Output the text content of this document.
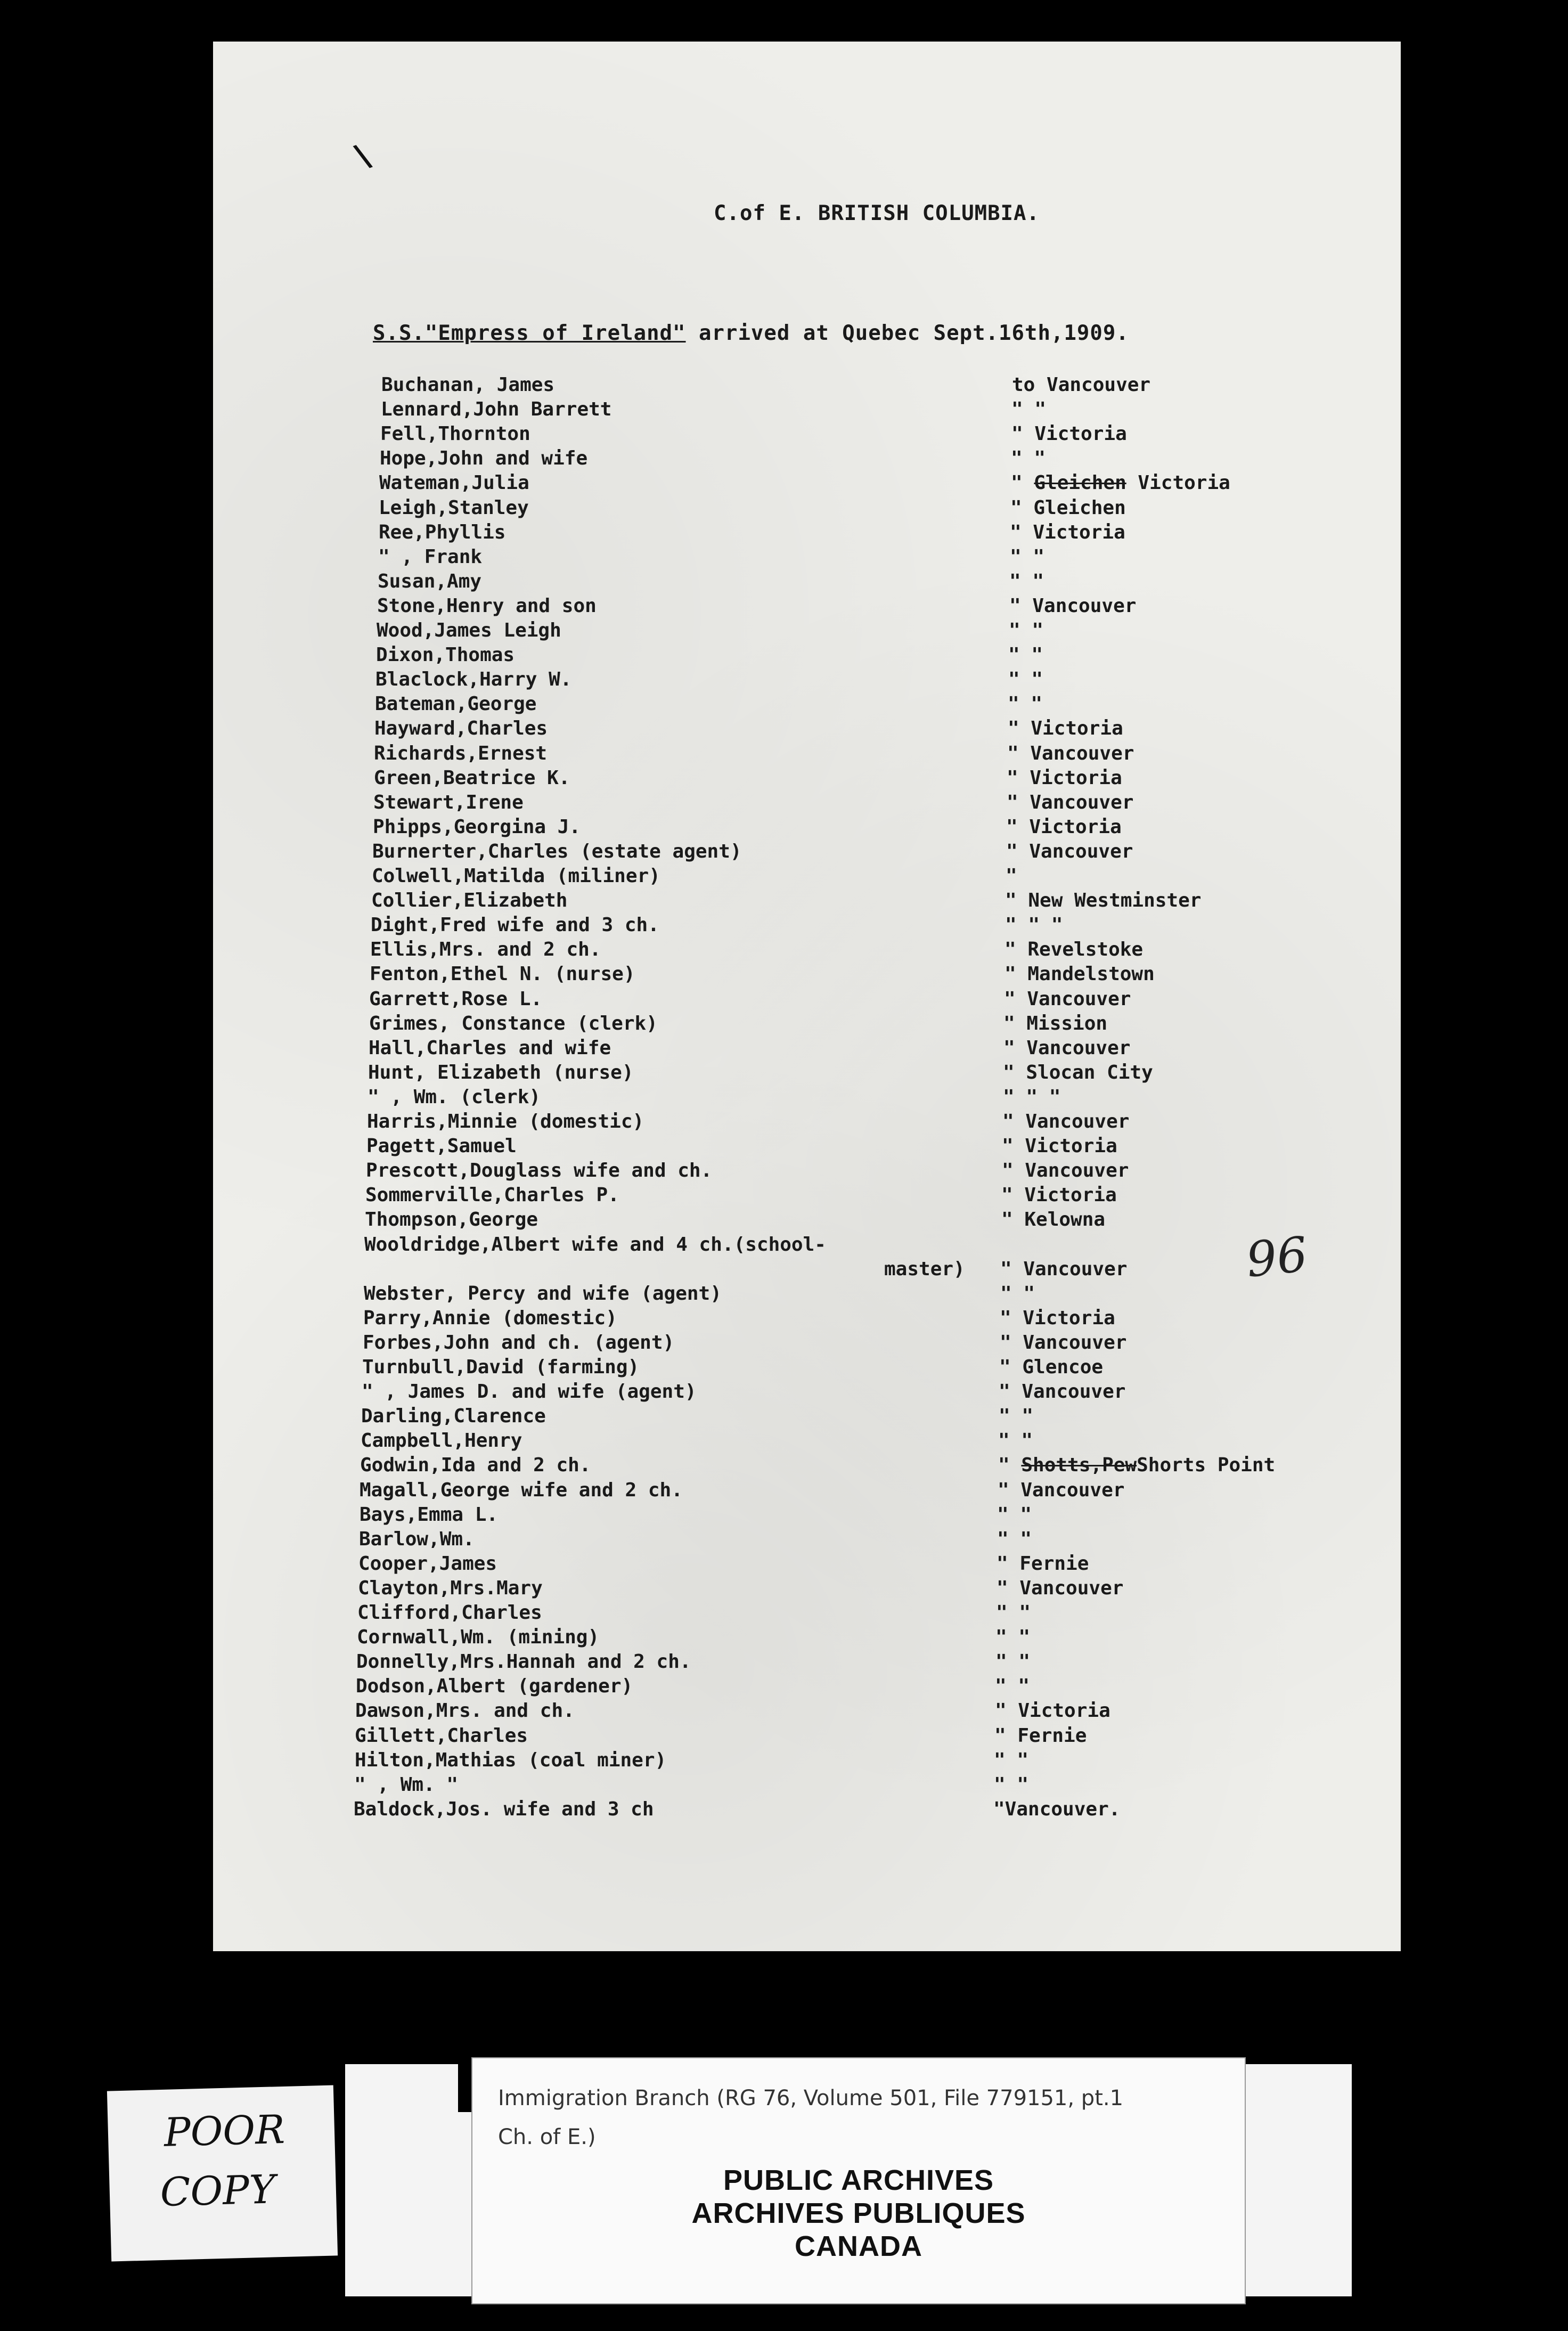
\
C.of E. BRITISH COLUMBIA.
S.S."Empress of Ireland" arrived at Quebec Sept.16th,1909.
Buchanan, James	to Vancouver
Lennard,John Barrett	" "
Fell,Thornton	" Victoria
Hope,John and wife	" "
Wateman,Julia	" Gleichen Victoria
Leigh,Stanley	" Gleichen
Ree,Phyllis	" Victoria
" , Frank	" "
Susan,Amy	" "
Stone,Henry and son	" Vancouver
Wood,James Leigh	" "
Dixon,Thomas	" "
Blaclock,Harry W.	" "
Bateman,George	" "
Hayward,Charles	" Victoria
Richards,Ernest	" Vancouver
Green,Beatrice K.	" Victoria
Stewart,Irene	" Vancouver
Phipps,Georgina J.	" Victoria
Burnerter,Charles (estate agent)	" Vancouver
Colwell,Matilda (miliner)	"
Collier,Elizabeth	" New Westminster
Dight,Fred wife and 3 ch.	" " "
Ellis,Mrs. and 2 ch.	" Revelstoke
Fenton,Ethel N. (nurse)	" Mandelstown
Garrett,Rose L.	" Vancouver
Grimes, Constance (clerk)	" Mission
Hall,Charles and wife	" Vancouver
Hunt, Elizabeth (nurse)	" Slocan City
" , Wm. (clerk)	" " "
Harris,Minnie (domestic)	" Vancouver
Pagett,Samuel	" Victoria
Prescott,Douglass wife and ch.	" Vancouver
Sommerville,Charles P.	" Victoria
Thompson,George	" Kelowna
Wooldridge,Albert wife and 4 ch.(school-
master) " Vancouver
Webster, Percy and wife (agent)	" "
Parry,Annie (domestic)	" Victoria
Forbes,John and ch. (agent)	" Vancouver
Turnbull,David (farming)	" Glencoe
" , James D. and wife (agent)	" Vancouver
Darling,Clarence	" "
Campbell,Henry	" "
Godwin,Ida and 2 ch.	" Shotts,PewShorts Point
Magall,George wife and 2 ch.	" Vancouver
Bays,Emma L.	" "
Barlow,Wm.	" "
Cooper,James	" Fernie
Clayton,Mrs.Mary	" Vancouver
Clifford,Charles	" "
Cornwall,Wm. (mining)	" "
Donnelly,Mrs.Hannah and 2 ch.	" "
Dodson,Albert (gardener)	" "
Dawson,Mrs. and ch.	" Victoria
Gillett,Charles	" Fernie
Hilton,Mathias (coal miner)	" "
" , Wm. "	" "
Baldock,Jos. wife and 3 ch	"Vancouver.
96
POOR
COPY
Immigration Branch (RG 76, Volume 501, File 779151, pt.1
Ch. of E.)
PUBLIC ARCHIVES
ARCHIVES PUBLIQUES
CANADA
